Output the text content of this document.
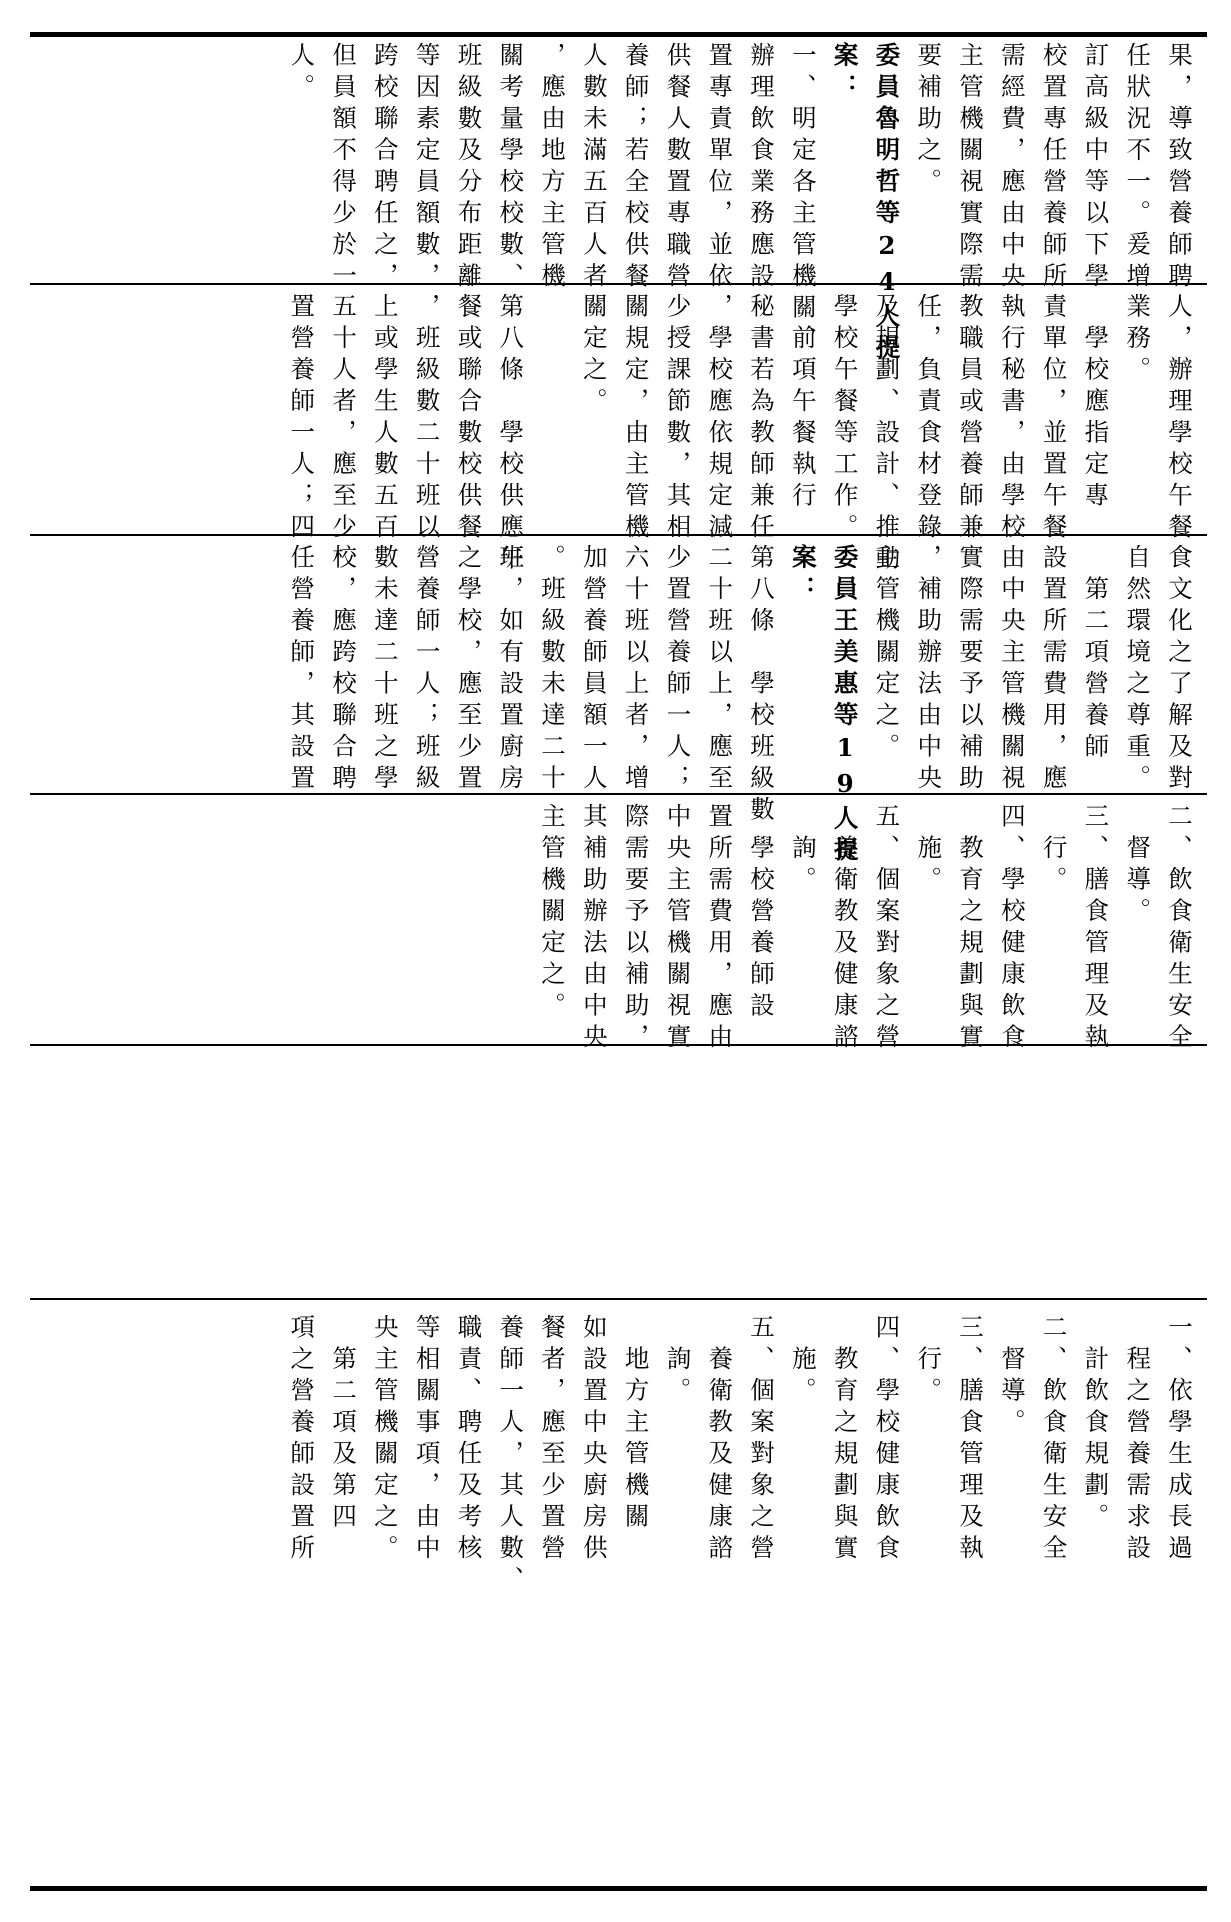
果，導致營養師聘
任狀況不一。爰增
訂高級中等以下學
校置專任營養師所
需經費，應由中央
主管機關視實際需
要補助之。
委員魯明哲等24人提
案：
一、明定各主管機關、
辦理飲食業務應設
置專責單位，並依
供餐人數置專職營
養師；若全校供餐
人數未滿五百人者
，應由地方主管機
關考量學校校數、
班級數及分布距離
等因素定員額數，
跨校聯合聘任之，
但員額不得少於一
人。
人，辦理學校午餐
業務。
　學校應指定專
責單位，並置午餐
執行秘書，由學校
教職員或營養師兼
任，負責食材登錄
及規劃、設計、推動
學校午餐等工作。
　前項午餐執行
秘書若為教師兼任
，學校應依規定減
少授課節數，其相
關規定，由主管機
關定之。

第八條　學校供應午
餐或聯合數校供餐
，班級數二十班以
上或學生人數五百
五十人者，應至少
置營養師一人；四
食文化之了解及對
自然環境之尊重。
　第二項營養師
設置所需費用，應
由中央主管機關視
實際需要予以補助
，補助辦法由中央
主管機關定之。
委員王美惠等19人提
案：
第八條　學校班級數
二十班以上，應至
少置營養師一人；
六十班以上者，增
加營養師員額一人
。班級數未達二十
班，如有設置廚房
之學校，應至少置
營養師一人；班級
數未達二十班之學
校，應跨校聯合聘
任營養師，其設置
二、飲食衛生安全
　督導。
三、膳食管理及執
　行。
四、學校健康飲食
　教育之規劃與實
　施。
五、個案對象之營
　養衛教及健康諮
　詢。
　學校營養師設
置所需費用，應由
中央主管機關視實
際需要予以補助，
其補助辦法由中央
主管機關定之。
一、依學生成長過
　程之營養需求設
　計飲食規劃。
二、飲食衛生安全
　督導。
三、膳食管理及執
　行。
四、學校健康飲食
　教育之規劃與實
　施。
五、個案對象之營
　養衛教及健康諮
　詢。
　地方主管機關
如設置中央廚房供
餐者，應至少置營
養師一人，其人數、
職責、聘任及考核
等相關事項，由中
央主管機關定之。
　第二項及第四
項之營養師設置所
